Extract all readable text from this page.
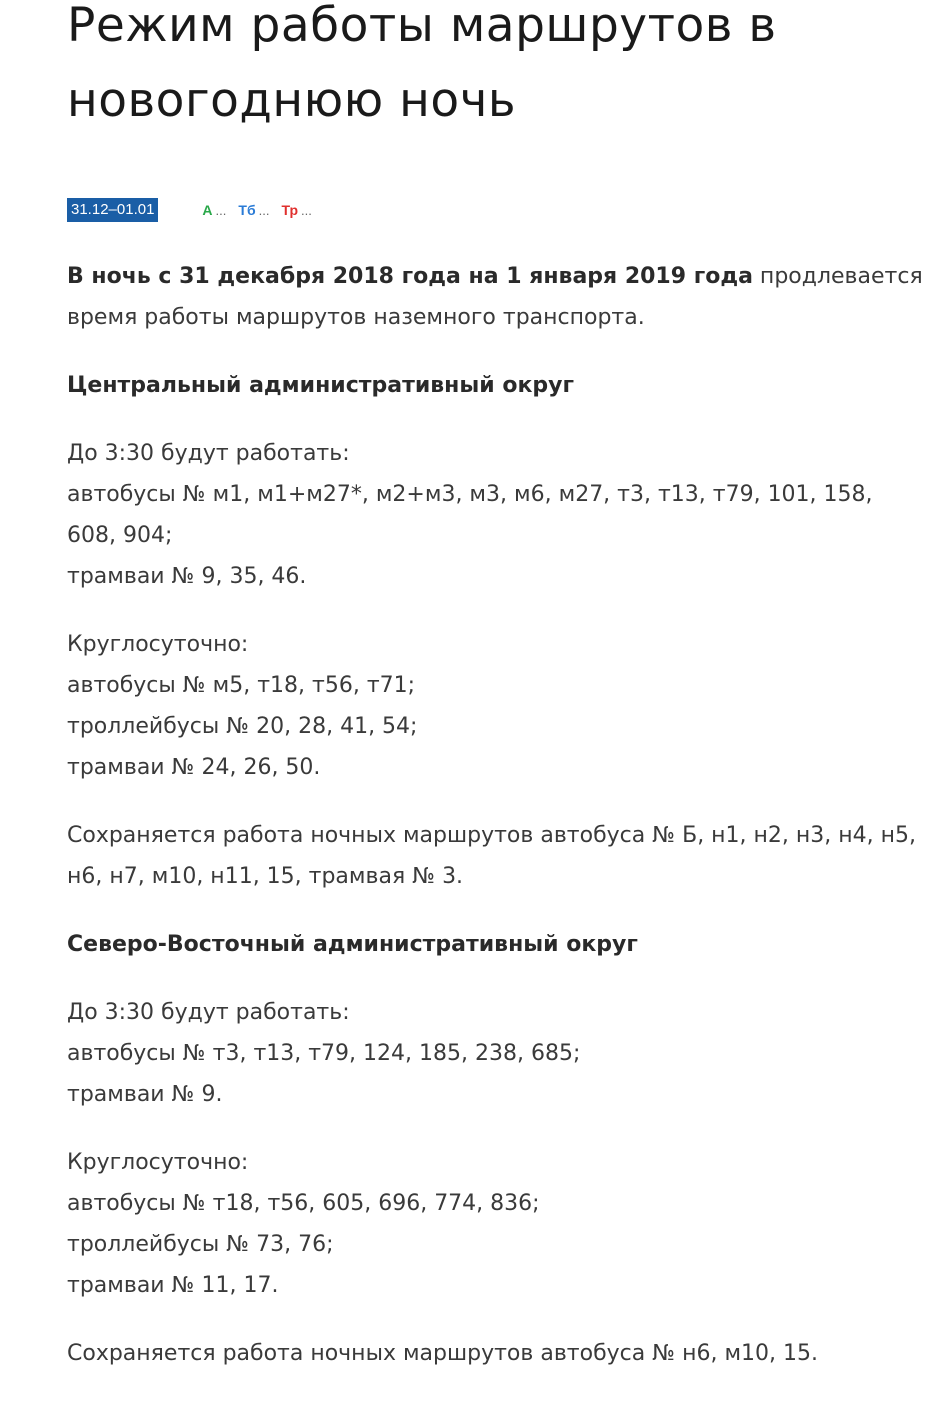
Режим работы маршрутов в
новогоднюю ночь
31.12–01.01	А ... Тб ... Тр ...

В ночь с 31 декабря 2018 года на 1 января 2019 года продлевается время работы маршрутов наземного транспорта.

Центральный административный округ

До 3:30 будут работать:
автобусы № м1, м1+м27*, м2+м3, м3, м6, м27, т3, т13, т79, 101, 158, 608, 904;
трамваи № 9, 35, 46.

Круглосуточно:
автобусы № м5, т18, т56, т71;
троллейбусы № 20, 28, 41, 54;
трамваи № 24, 26, 50.

Сохраняется работа ночных маршрутов автобуса № Б, н1, н2, н3, н4, н5,
н6, н7, м10, н11, 15, трамвая № 3.

Северо-Восточный административный округ

До 3:30 будут работать:
автобусы № т3, т13, т79, 124, 185, 238, 685;
трамваи № 9.

Круглосуточно:
автобусы № т18, т56, 605, 696, 774, 836;
троллейбусы № 73, 76;
трамваи № 11, 17.

Сохраняется работа ночных маршрутов автобуса № н6, м10, 15.
